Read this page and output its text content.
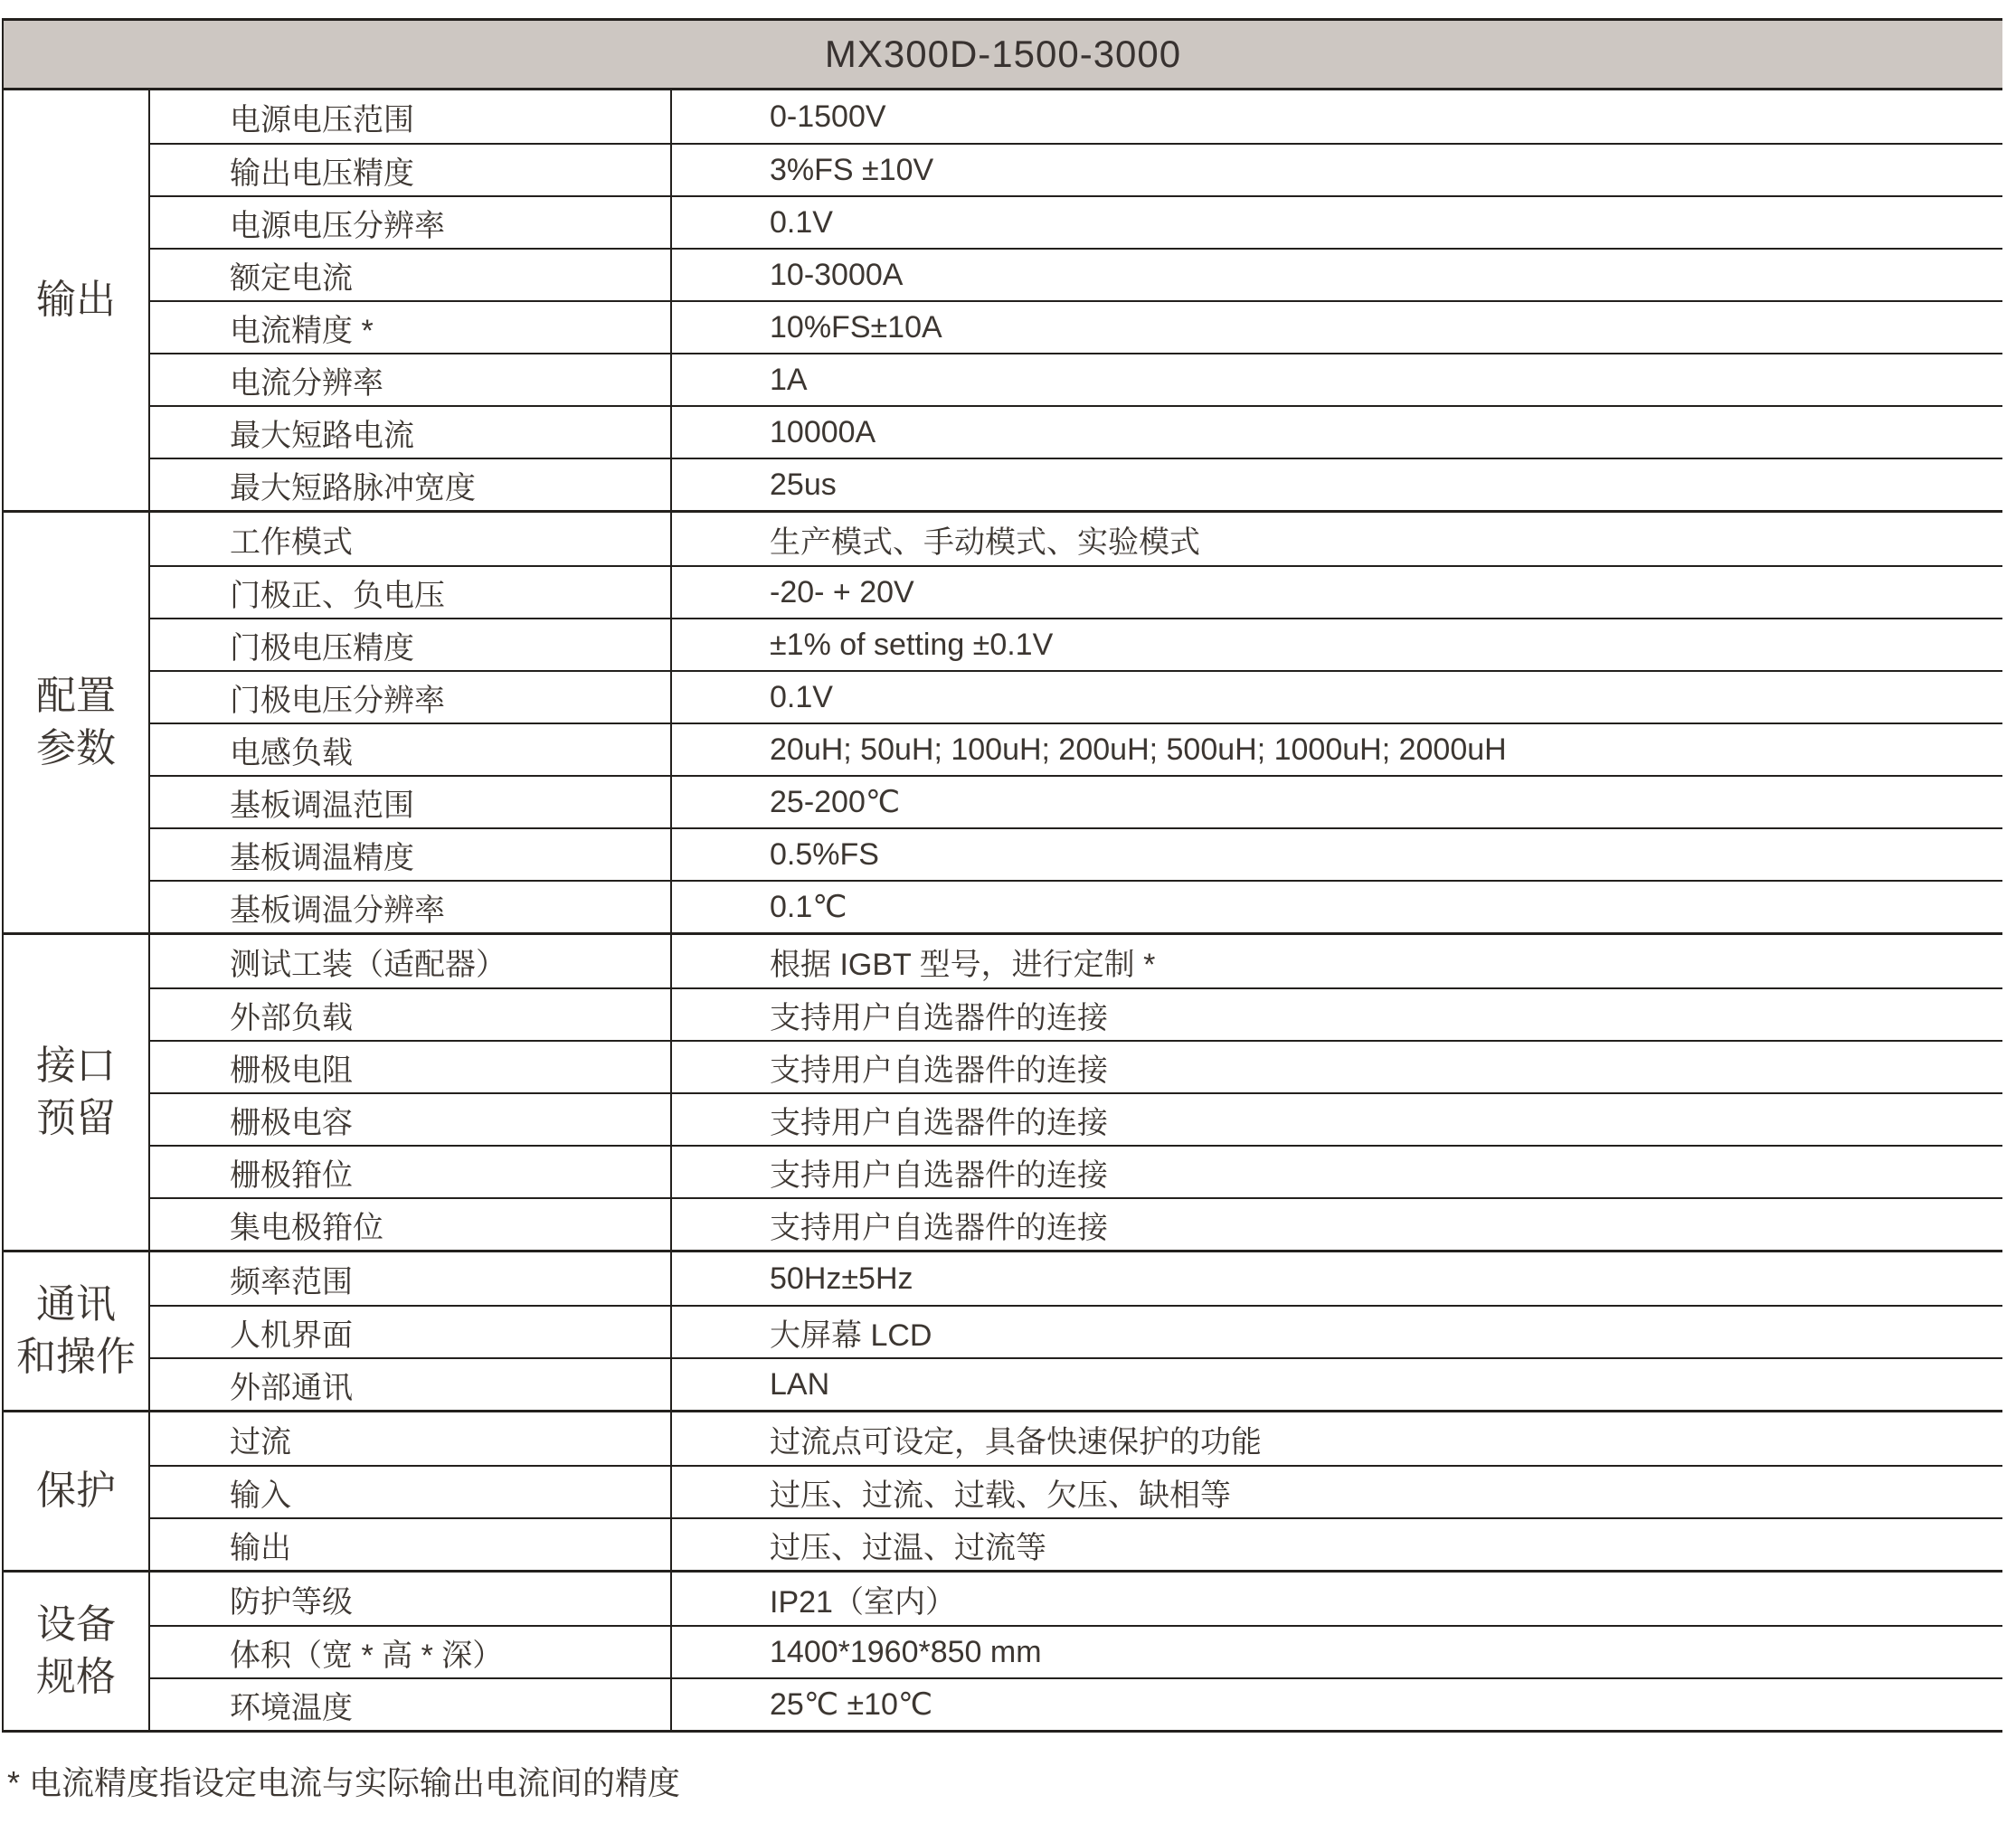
MX300D-1500-3000
输出
电源电压范围	0-1500V
输出电压精度	3%FS ±10V
电源电压分辨率	0.1V
额定电流	10-3000A
电流精度 *	10%FS±10A
电流分辨率	1A
最大短路电流	10000A
最大短路脉冲宽度	25us
配置
参数
工作模式	生产模式、手动模式、实验模式
门极正、负电压	-20- + 20V
门极电压精度	±1% of setting ±0.1V
门极电压分辨率	0.1V
电感负载	20uH; 50uH; 100uH; 200uH; 500uH; 1000uH; 2000uH
基板调温范围	25-200℃
基板调温精度	0.5%FS
基板调温分辨率	0.1℃
接口
预留
测试工装（适配器）	根据 IGBT 型号，进行定制 *
外部负载	支持用户自选器件的连接
栅极电阻	支持用户自选器件的连接
栅极电容	支持用户自选器件的连接
栅极箝位	支持用户自选器件的连接
集电极箝位	支持用户自选器件的连接
通讯
和操作
频率范围	50Hz±5Hz
人机界面	大屏幕 LCD
外部通讯	LAN
保护
过流	过流点可设定，具备快速保护的功能
输入	过压、过流、过载、欠压、缺相等
输出	过压、过温、过流等
设备
规格
防护等级	IP21（室内）
体积（宽 * 高 * 深）	1400*1960*850 mm
环境温度	25℃ ±10℃
* 电流精度指设定电流与实际输出电流间的精度
